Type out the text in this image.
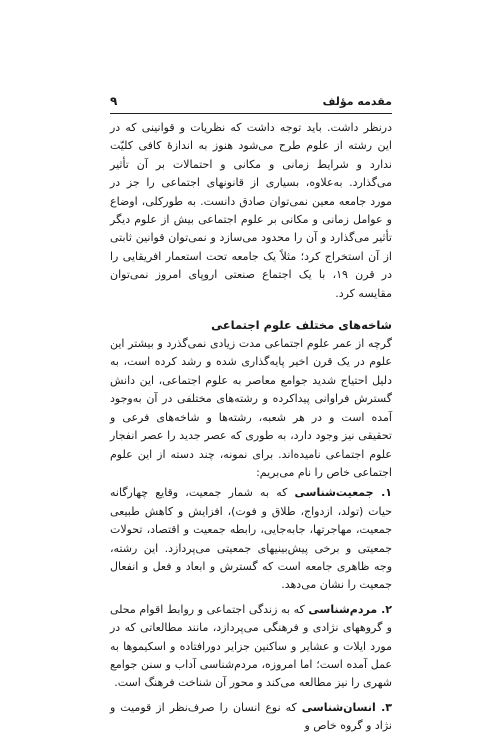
مقدمه مؤلف
۹

درنظر داشت. باید توجه داشت که نظریات و قوانینی که در این رشته از علوم طرح می‌شود هنوز به اندازهٔ کافی کلیّت ندارد و شرایط زمانی و مکانی و احتمالات بر آن تأثیر می‌گذارد. به‌علاوه، بسیاری از قانونهای اجتماعی را جز در مورد جامعه معین نمی‌توان صادق دانست. به طورکلی، اوضاع و عوامل زمانی و مکانی بر علوم اجتماعی بیش از علوم دیگر تأثیر می‌گذارد و آن را محدود می‌سازد و نمی‌توان قوانین ثابتی از آن استخراج کرد؛ مثلاً یک جامعه تحت استعمار افریقایی را در قرن ۱۹، با یک اجتماع صنعتی اروپای امروز نمی‌توان مقایسه کرد.

شاخه‌های مختلف علوم اجتماعی

گرچه از عمر علوم اجتماعی مدت زیادی نمی‌گذرد و بیشتر این علوم در یک قرن اخیر پایه‌گذاری شده و رشد کرده است، به دلیل احتیاج شدید جوامع معاصر به علوم اجتماعی، این دانش گسترش فراوانی پیداکرده و رشته‌های مختلفی در آن به‌وجود آمده است و در هر شعبه، رشته‌ها و شاخه‌های فرعی و تحقیقی نیز وجود دارد، به طوری که عصر جدید را عصر انفجار علوم اجتماعی نامیده‌اند. برای نمونه، چند دسته از این علوم اجتماعی خاص را نام می‌بریم:

۱. جمعیت‌شناسی که به شمار جمعیت، وقایع چهارگانه حیات (تولد، ازدواج، طلاق و فوت)، افزایش و کاهش طبیعی جمعیت، مهاجرتها، جابه‌جایی، رابطه جمعیت و اقتصاد، تحولات جمعیتی و برخی پیش‌بینیهای جمعیتی می‌پردازد. این رشته، وجه ظاهری جامعه است که گسترش و ابعاد و فعل و انفعال جمعیت را نشان می‌دهد.

۲. مردم‌شناسی که به زندگی اجتماعی و روابط اقوام محلی و گروههای نژادی و فرهنگی می‌پردازد، مانند مطالعاتی که در مورد ایلات و عشایر و ساکنین جزایر دورافتاده و اسکیموها به عمل آمده است؛ اما امروزه، مردم‌شناسی آداب و سنن جوامع شهری را نیز مطالعه می‌کند و محور آن شناخت فرهنگ است.

۳. انسان‌شناسی که نوع انسان را صرف‌نظر از قومیت و نژاد و گروه خاص و
